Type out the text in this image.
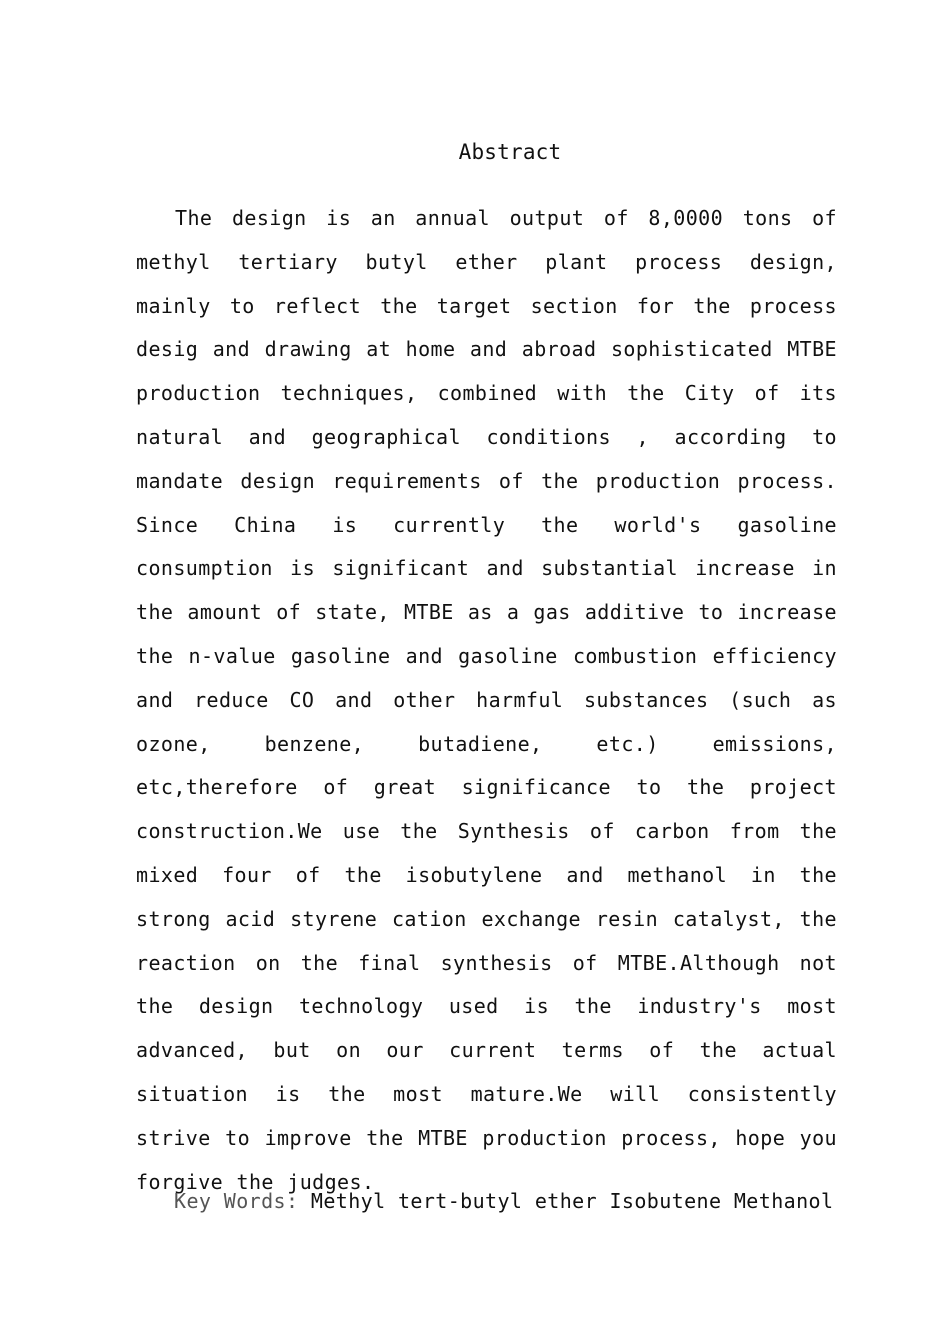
Abstract
The design is an annual output of 8,0000 tons of methyl tertiary butyl ether plant process design, mainly to reflect the target section for the process desig and drawing at home and abroad sophisticated MTBE production techniques, combined with the City of its natural and geographical conditions , according to mandate design requirements of the production process. Since China is currently the world's gasoline consumption is significant and substantial increase in the amount of state, MTBE as a gas additive to increase the n-value gasoline and gasoline combustion efficiency and reduce CO and other harmful substances (such as ozone, benzene, butadiene, etc.) emissions, etc,therefore of great significance to the project construction.We use the Synthesis of carbon from the mixed four of the isobutylene and methanol in the strong acid styrene cation exchange resin catalyst, the reaction on the final synthesis of MTBE.Although not the design technology used is the industry's most advanced, but on our current terms of the actual situation is the most mature.We will consistently strive to improve the MTBE production process, hope you forgive the judges.
Key Words: Methyl tert-butyl ether Isobutene Methanol
